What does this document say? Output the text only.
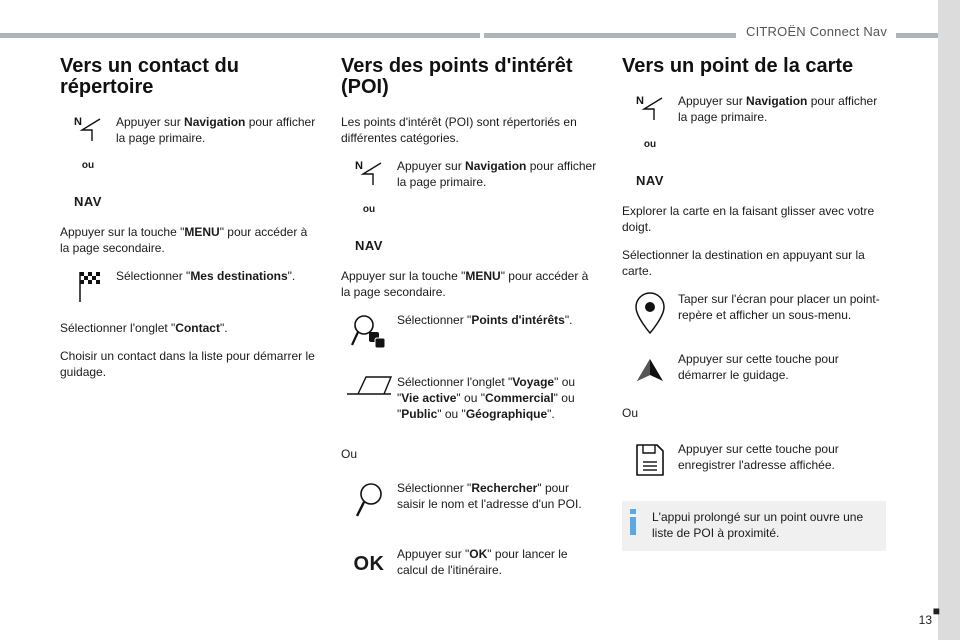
CITROËN Connect Nav
■
13
Vers un contact du répertoire
N
ou
NAV
Appuyer sur Navigation pour afficher la page primaire.

Appuyer sur la touche "MENU" pour accéder à la page secondaire.

Sélectionner "Mes destinations".

Sélectionner l'onglet "Contact".

Choisir un contact dans la liste pour démarrer le guidage.

Vers des points d'intérêt (POI)

Les points d'intérêt (POI) sont répertoriés en différentes catégories.

N
ou
NAV
Appuyer sur Navigation pour afficher la page primaire.

Appuyer sur la touche "MENU" pour accéder à la page secondaire.

Sélectionner "Points d'intérêts".
Sélectionner l'onglet "Voyage" ou "Vie active" ou "Commercial" ou "Public" ou "Géographique".

Ou

Sélectionner "Rechercher" pour saisir le nom et l'adresse d'un POI.
OK Appuyer sur "OK" pour lancer le calcul de l'itinéraire.
Vers un point de la carte
N
ou
NAV
Appuyer sur Navigation pour afficher la page primaire.

Explorer la carte en la faisant glisser avec votre doigt.

Sélectionner la destination en appuyant sur la carte.

Taper sur l'écran pour placer un point-repère et afficher un sous-menu.
Appuyer sur cette touche pour démarrer le guidage.

Ou

Appuyer sur cette touche pour enregistrer l'adresse affichée.
L'appui prolongé sur un point ouvre une liste de POI à proximité.
